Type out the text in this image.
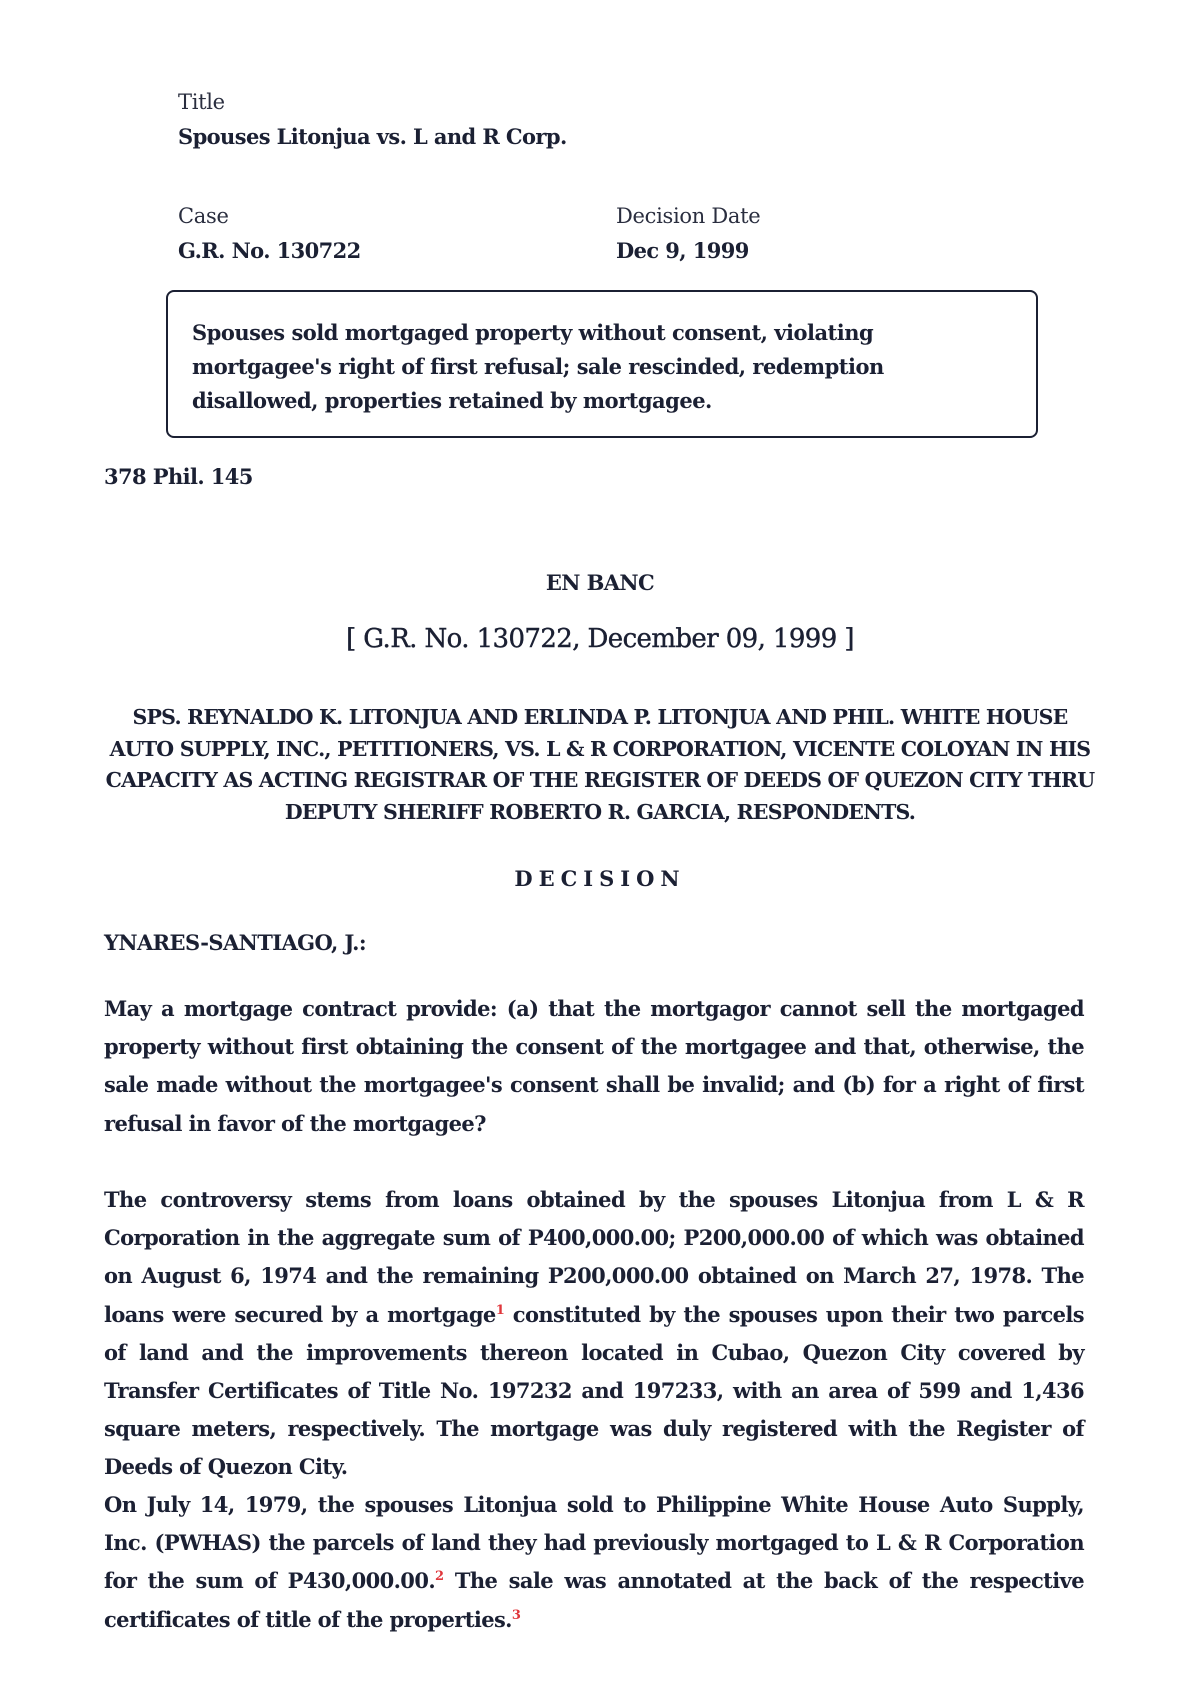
Title
Spouses Litonjua vs. L and R Corp.
Case
G.R. No. 130722
Decision Date
Dec 9, 1999
Spouses sold mortgaged property without consent, violating mortgagee's right of first refusal; sale rescinded, redemption disallowed, properties retained by mortgagee.
378 Phil. 145
EN BANC
[ G.R. No. 130722, December 09, 1999 ]
SPS. REYNALDO K. LITONJUA AND ERLINDA P. LITONJUA AND PHIL. WHITE HOUSE AUTO SUPPLY, INC., PETITIONERS, VS. L & R CORPORATION, VICENTE COLOYAN IN HIS CAPACITY AS ACTING REGISTRAR OF THE REGISTER OF DEEDS OF QUEZON CITY THRU DEPUTY SHERIFF ROBERTO R. GARCIA, RESPONDENTS.
DECISION
YNARES-SANTIAGO, J.:

May a mortgage contract provide: (a) that the mortgagor cannot sell the mortgaged property without first obtaining the consent of the mortgagee and that, otherwise, the sale made without the mortgagee's consent shall be invalid; and (b) for a right of first refusal in favor of the mortgagee?

The controversy stems from loans obtained by the spouses Litonjua from L & R Corporation in the aggregate sum of P400,000.00; P200,000.00 of which was obtained on August 6, 1974 and the remaining P200,000.00 obtained on March 27, 1978. The loans were secured by a mortgage$^1$ constituted by the spouses upon their two parcels of land and the improvements thereon located in Cubao, Quezon City covered by Transfer Certificates of Title No. 197232 and 197233, with an area of 599 and 1,436 square meters, respectively. The mortgage was duly registered with the Register of Deeds of Quezon City.

On July 14, 1979, the spouses Litonjua sold to Philippine White House Auto Supply, Inc. (PWHAS) the parcels of land they had previously mortgaged to L & R Corporation for the sum of P430,000.00.$^2$ The sale was annotated at the back of the respective certificates of title of the properties.$^3$
